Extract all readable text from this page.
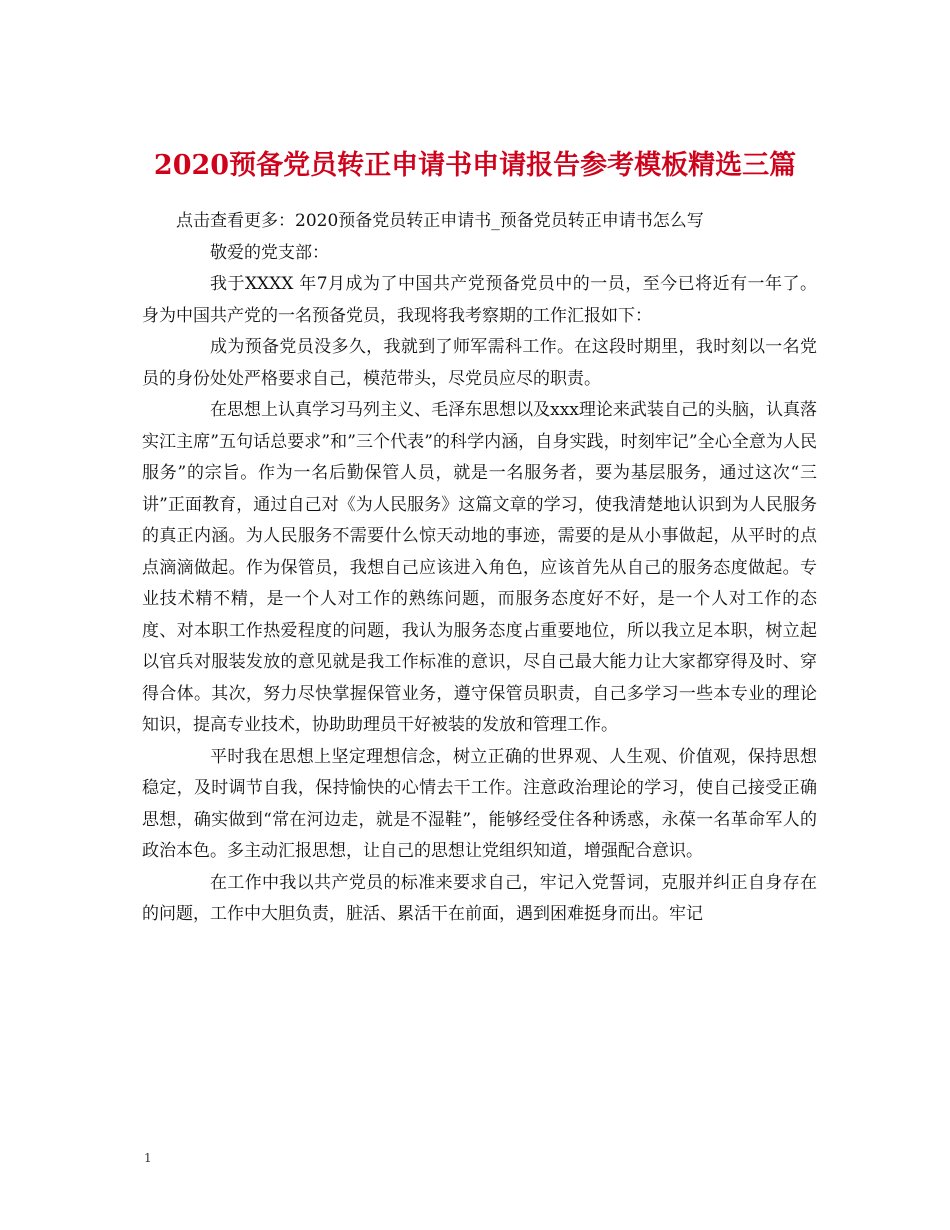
2020预备党员转正申请书申请报告参考模板精选三篇

点击查看更多：2020预备党员转正申请书_预备党员转正申请书怎么写

敬爱的党支部：

我于XXXX 年7月成为了中国共产党预备党员中的一员，至今已将近有一年了。身为中国共产党的一名预备党员，我现将我考察期的工作汇报如下：

成为预备党员没多久，我就到了师军需科工作。在这段时期里，我时刻以一名党员的身份处处严格要求自己，模范带头，尽党员应尽的职责。

在思想上认真学习马列主义、毛泽东思想以及xxx理论来武装自己的头脑，认真落实江主席”五句话总要求”和”三个代表”的科学内涵，自身实践，时刻牢记”全心全意为人民服务”的宗旨。作为一名后勤保管人员，就是一名服务者，要为基层服务，通过这次“三讲”正面教育，通过自己对《为人民服务》这篇文章的学习，使我清楚地认识到为人民服务的真正内涵。为人民服务不需要什么惊天动地的事迹，需要的是从小事做起，从平时的点点滴滴做起。作为保管员，我想自己应该进入角色，应该首先从自己的服务态度做起。专业技术精不精，是一个人对工作的熟练问题，而服务态度好不好，是一个人对工作的态度、对本职工作热爱程度的问题，我认为服务态度占重要地位，所以我立足本职，树立起以官兵对服装发放的意见就是我工作标准的意识，尽自己最大能力让大家都穿得及时、穿得合体。其次，努力尽快掌握保管业务，遵守保管员职责，自己多学习一些本专业的理论知识，提高专业技术，协助助理员干好被装的发放和管理工作。

平时我在思想上坚定理想信念，树立正确的世界观、人生观、价值观，保持思想稳定，及时调节自我，保持愉快的心情去干工作。注意政治理论的学习，使自己接受正确思想，确实做到“常在河边走，就是不湿鞋”，能够经受住各种诱惑，永葆一名革命军人的政治本色。多主动汇报思想，让自己的思想让党组织知道，增强配合意识。

在工作中我以共产党员的标准来要求自己，牢记入党誓词，克服并纠正自身存在的问题，工作中大胆负责，脏活、累活干在前面，遇到困难挺身而出。牢记

1
